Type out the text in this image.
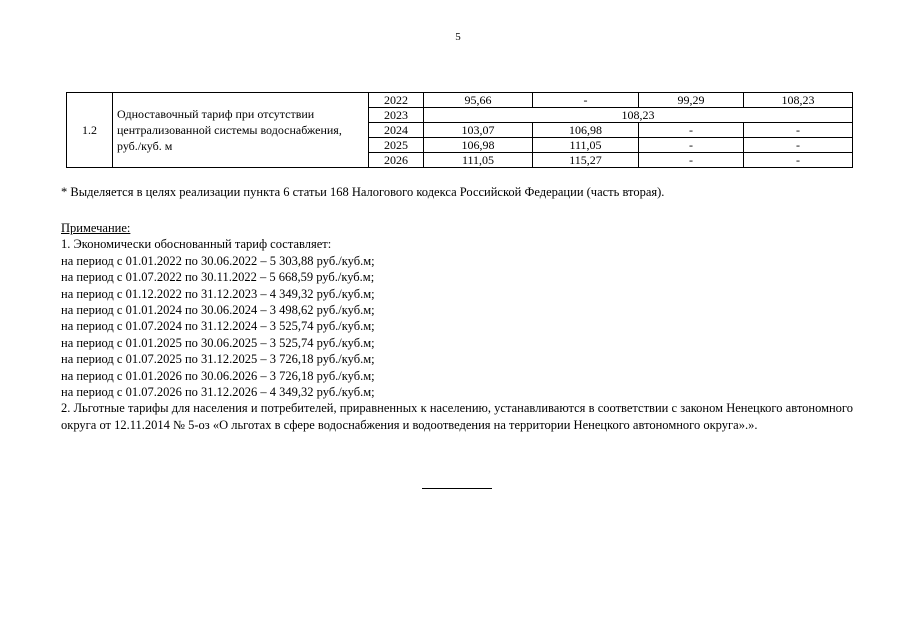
5
1.2	Одноставочный тариф при отсутствии централизованной системы водоснабжения, руб./куб. м	2022	95,66	-	99,29	108,23
		2023	108,23			
		2024	103,07	106,98	-	-
		2025	106,98	111,05	-	-
		2026	111,05	115,27	-	-
* Выделяется в целях реализации пункта 6 статьи 168 Налогового кодекса Российской Федерации (часть вторая).
Примечание:
1. Экономически обоснованный тариф составляет:
на период с 01.01.2022 по 30.06.2022 – 5 303,88 руб./куб.м;
на период с 01.07.2022 по 30.11.2022 – 5 668,59 руб./куб.м;
на период с 01.12.2022 по 31.12.2023 – 4 349,32 руб./куб.м;
на период с 01.01.2024 по 30.06.2024 – 3 498,62 руб./куб.м;
на период с 01.07.2024 по 31.12.2024 – 3 525,74 руб./куб.м;
на период с 01.01.2025 по 30.06.2025 – 3 525,74 руб./куб.м;
на период с 01.07.2025 по 31.12.2025 – 3 726,18 руб./куб.м;
на период с 01.01.2026 по 30.06.2026 – 3 726,18 руб./куб.м;
на период с 01.07.2026 по 31.12.2026 – 4 349,32 руб./куб.м;
2. Льготные тарифы для населения и потребителей, приравненных к населению, устанавливаются в соответствии с законом Ненецкого автономного округа от 12.11.2014 № 5-оз «О льготах в сфере водоснабжения и водоотведения на территории Ненецкого автономного округа».».
